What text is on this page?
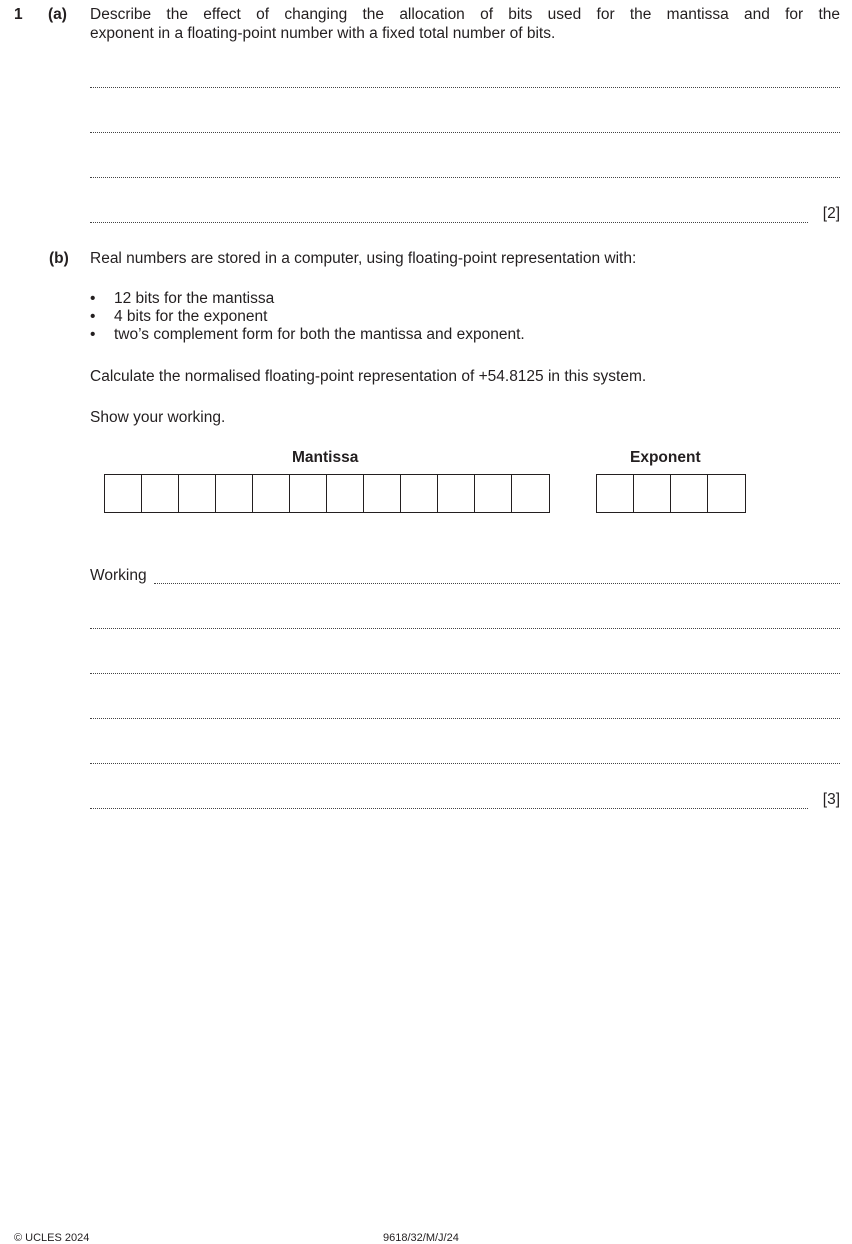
1 (a) Describe the effect of changing the allocation of bits used for the mantissa and for the
exponent in a floating-point number with a fixed total number of bits.
[2]
(b) Real numbers are stored in a computer, using floating-point representation with:
• 12 bits for the mantissa
• 4 bits for the exponent
• two’s complement form for both the mantissa and exponent.
Calculate the normalised floating-point representation of +54.8125 in this system.
Show your working.
Mantissa	Exponent
Working
[3]
© UCLES 2024	9618/32/M/J/24
